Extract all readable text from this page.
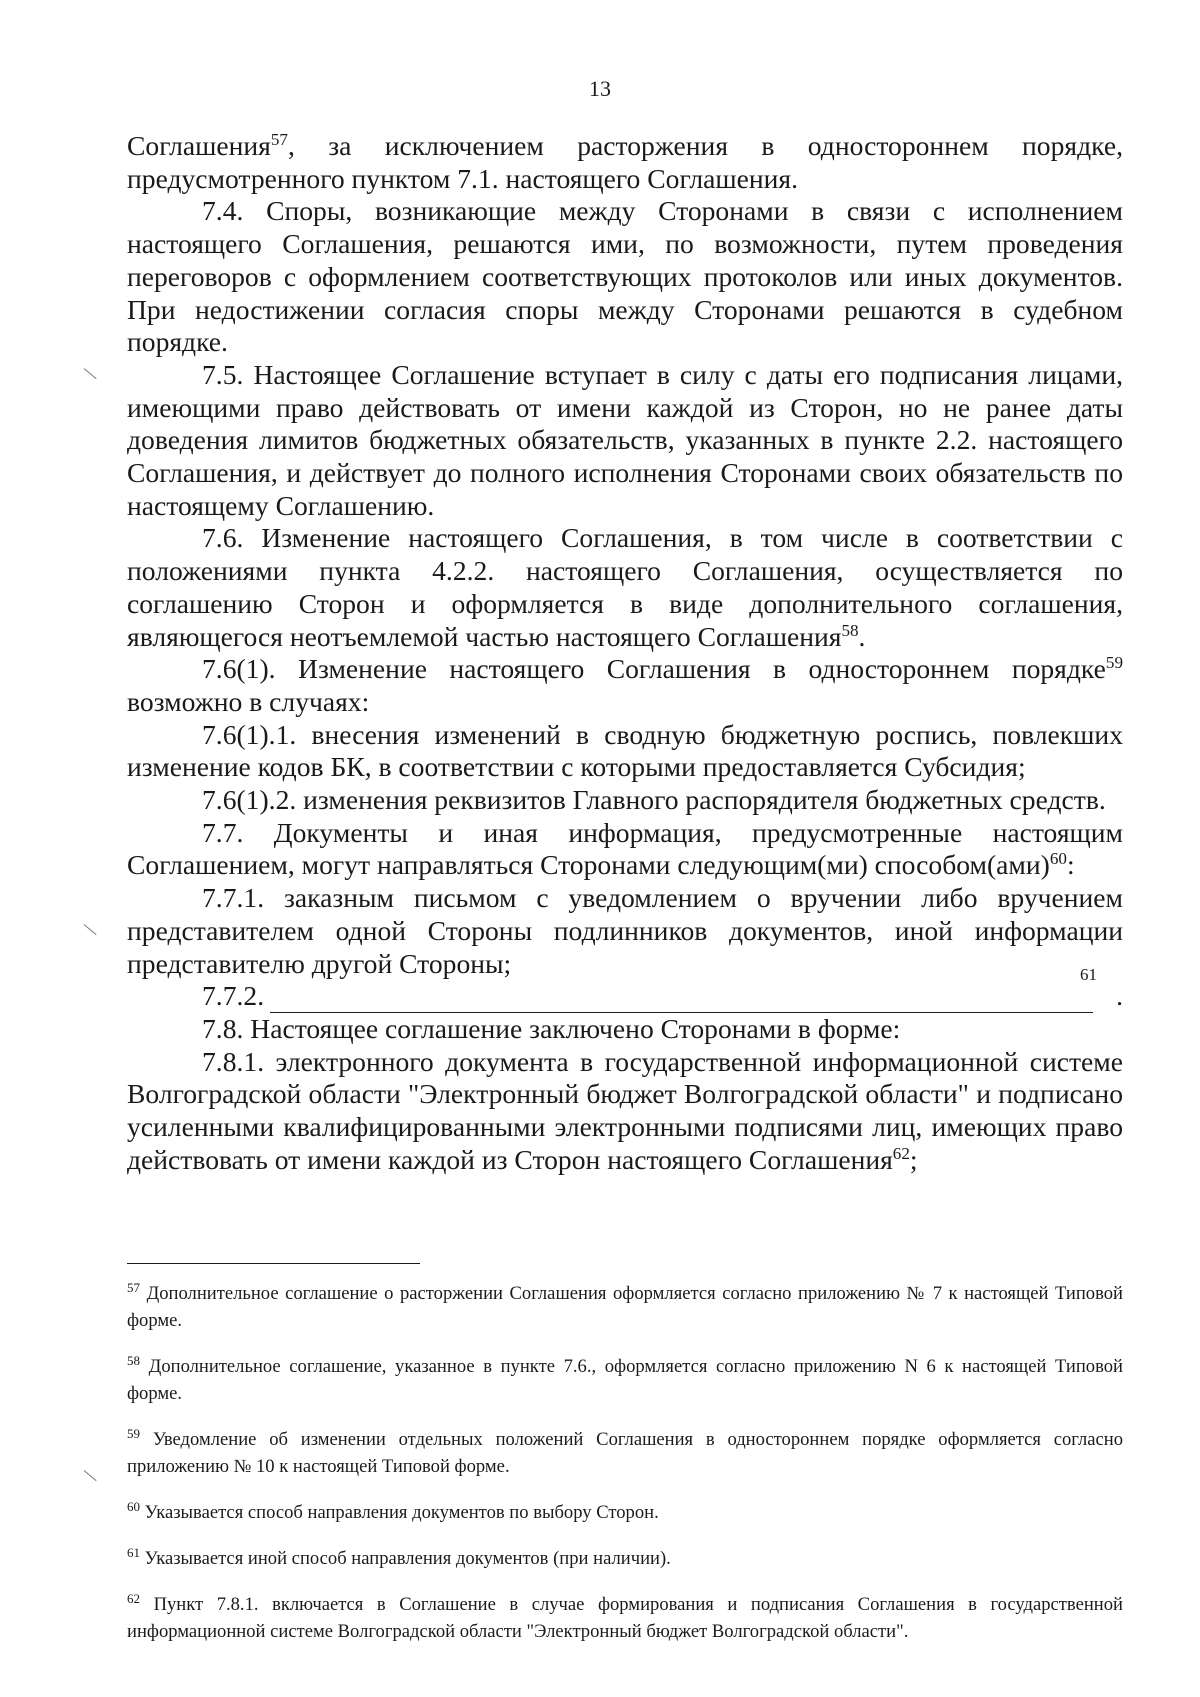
13

Соглашения$^{57}$, за исключением расторжения в одностороннем порядке, предусмотренного пунктом 7.1. настоящего Соглашения.

7.4. Споры, возникающие между Сторонами в связи с исполнением настоящего Соглашения, решаются ими, по возможности, путем проведения переговоров с оформлением соответствующих протоколов или иных документов. При недостижении согласия споры между Сторонами решаются в судебном порядке.

7.5. Настоящее Соглашение вступает в силу с даты его подписания лицами, имеющими право действовать от имени каждой из Сторон, но не ранее даты доведения лимитов бюджетных обязательств, указанных в пункте 2.2. настоящего Соглашения, и действует до полного исполнения Сторонами своих обязательств по настоящему Соглашению.

7.6. Изменение настоящего Соглашения, в том числе в соответствии с положениями пункта 4.2.2. настоящего Соглашения, осуществляется по соглашению Сторон и оформляется в виде дополнительного соглашения, являющегося неотъемлемой частью настоящего Соглашения$^{58}$.

7.6(1). Изменение настоящего Соглашения в одностороннем порядке$^{59}$ возможно в случаях:

7.6(1).1. внесения изменений в сводную бюджетную роспись, повлекших изменение кодов БК, в соответствии с которыми предоставляется Субсидия;

7.6(1).2. изменения реквизитов Главного распорядителя бюджетных средств.

7.7. Документы и иная информация, предусмотренные настоящим Соглашением, могут направляться Сторонами следующим(ми) способом(ами)$^{60}$:

7.7.1. заказным письмом с уведомлением о вручении либо вручением представителем одной Стороны подлинников документов, иной информации представителю другой Стороны;

7.7.2.
61
.

7.8. Настоящее соглашение заключено Сторонами в форме:

7.8.1. электронного документа в государственной информационной системе Волгоградской области "Электронный бюджет Волгоградской области" и подписано усиленными квалифицированными электронными подписями лиц, имеющих право действовать от имени каждой из Сторон настоящего Соглашения$^{62}$;

$^{57}$ Дополнительное соглашение о расторжении Соглашения оформляется согласно приложению № 7 к настоящей Типовой форме.

$^{58}$ Дополнительное соглашение, указанное в пункте 7.6., оформляется согласно приложению N 6 к настоящей Типовой форме.

$^{59}$ Уведомление об изменении отдельных положений Соглашения в одностороннем порядке оформляется согласно приложению № 10 к настоящей Типовой форме.

$^{60}$ Указывается способ направления документов по выбору Сторон.

$^{61}$ Указывается иной способ направления документов (при наличии).

$^{62}$ Пункт 7.8.1. включается в Соглашение в случае формирования и подписания Соглашения в государственной информационной системе Волгоградской области "Электронный бюджет Волгоградской области".
